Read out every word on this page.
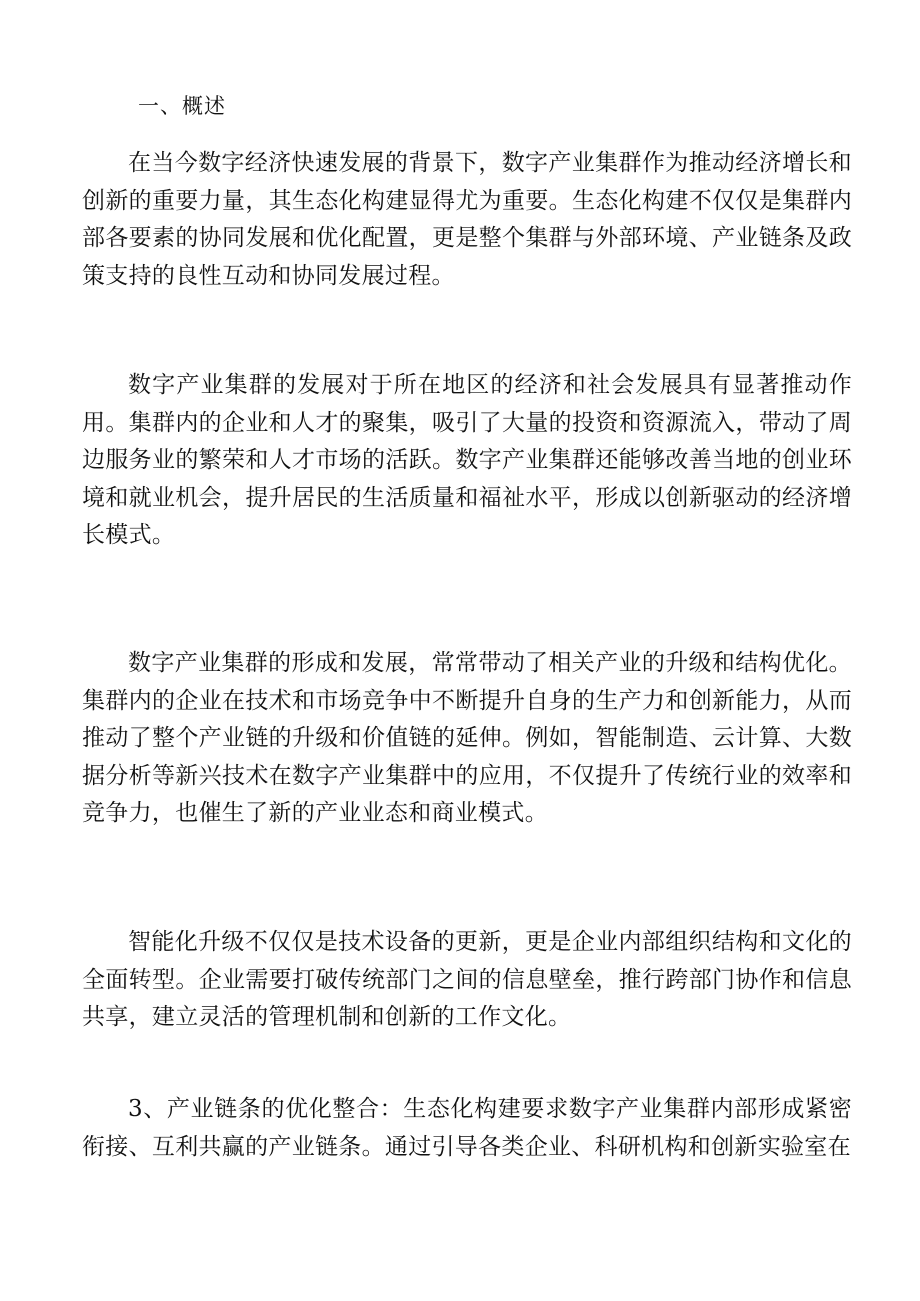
一、概述

在当今数字经济快速发展的背景下，数字产业集群作为推动经济增长和创新的重要力量，其生态化构建显得尤为重要。生态化构建不仅仅是集群内部各要素的协同发展和优化配置，更是整个集群与外部环境、产业链条及政策支持的良性互动和协同发展过程。

数字产业集群的发展对于所在地区的经济和社会发展具有显著推动作用。集群内的企业和人才的聚集，吸引了大量的投资和资源流入，带动了周边服务业的繁荣和人才市场的活跃。数字产业集群还能够改善当地的创业环境和就业机会，提升居民的生活质量和福祉水平，形成以创新驱动的经济增长模式。

数字产业集群的形成和发展，常常带动了相关产业的升级和结构优化。集群内的企业在技术和市场竞争中不断提升自身的生产力和创新能力，从而推动了整个产业链的升级和价值链的延伸。例如，智能制造、云计算、大数据分析等新兴技术在数字产业集群中的应用，不仅提升了传统行业的效率和竞争力，也催生了新的产业业态和商业模式。

智能化升级不仅仅是技术设备的更新，更是企业内部组织结构和文化的全面转型。企业需要打破传统部门之间的信息壁垒，推行跨部门协作和信息共享，建立灵活的管理机制和创新的工作文化。

3、产业链条的优化整合：生态化构建要求数字产业集群内部形成紧密衔接、互利共赢的产业链条。通过引导各类企业、科研机构和创新实验室在
